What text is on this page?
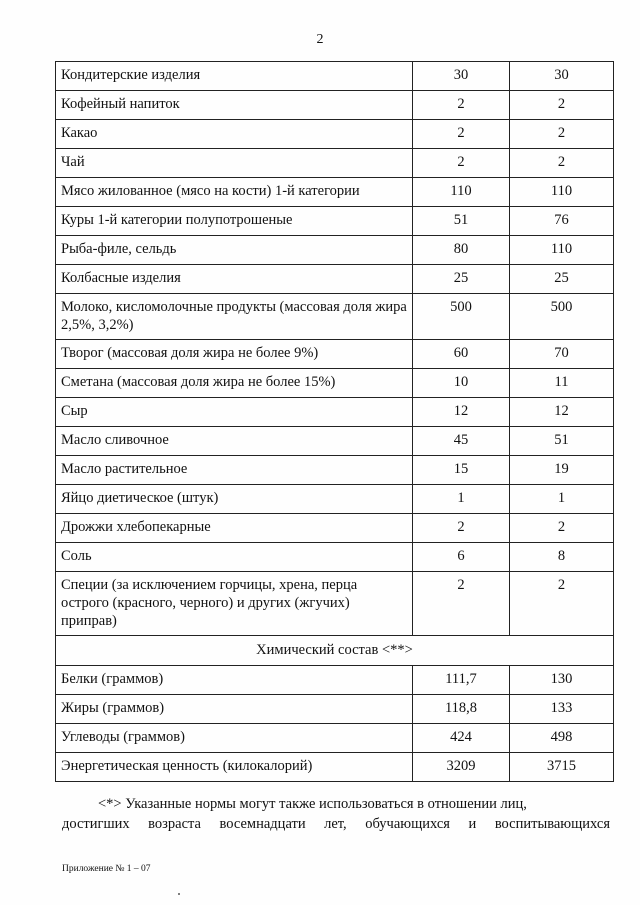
2
Кондитерские изделия	30	30
Кофейный напиток	2	2
Какао	2	2
Чай	2	2
Мясо жилованное (мясо на кости) 1-й категории	110	110
Куры 1-й категории полупотрошеные	51	76
Рыба-филе, сельдь	80	110
Колбасные изделия	25	25
Молоко, кисломолочные продукты (массовая доля жира 2,5%, 3,2%)	500	500
Творог (массовая доля жира не более 9%)	60	70
Сметана (массовая доля жира не более 15%)	10	11
Сыр	12	12
Масло сливочное	45	51
Масло растительное	15	19
Яйцо диетическое (штук)	1	1
Дрожжи хлебопекарные	2	2
Соль	6	8
Специи (за исключением горчицы, хрена, перца острого (красного, черного) и других (жгучих) приправ)	2	2
Химический состав <**>		
Белки (граммов)	111,7	130
Жиры (граммов)	118,8	133
Углеводы (граммов)	424	498
Энергетическая ценность (килокалорий)	3209	3715
<*> Указанные нормы могут также использоваться в отношении лиц,
достигших возраста восемнадцати лет, обучающихся и воспитывающихся
Приложение № 1 – 07
